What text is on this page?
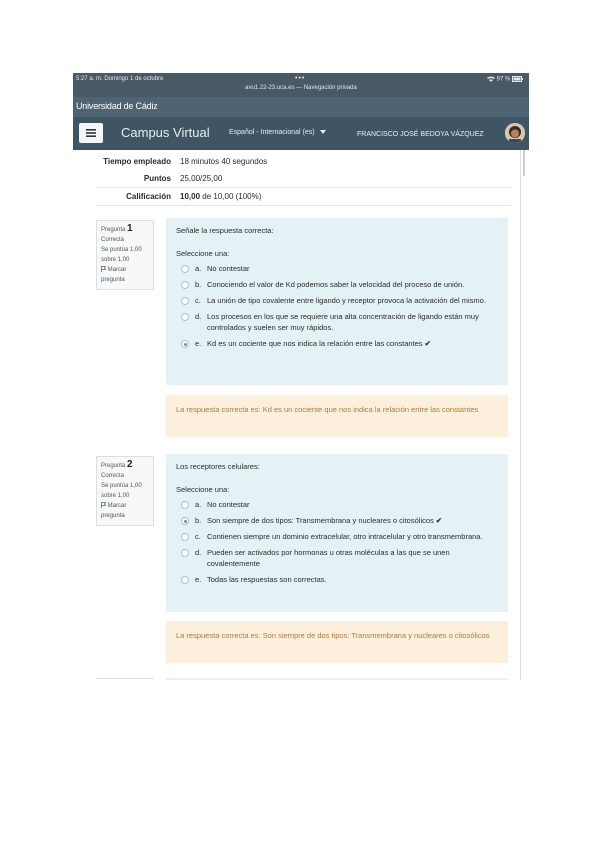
5:27 a. m. Domingo 1 de octubre	•••
avu1.22-23.uca.es — Navegación privada
97 %
Universidad de Cádiz
Campus Virtual	Español - Internacional (es)	FRANCISCO JOSÉ BEDOYA VÁZQUEZ
Tiempo empleado	18 minutos 40 segundos
Puntos	25,00/25,00
Calificación	10,00 de 10,00 (100%)
Pregunta 1
Correcta
Se puntúa 1,00 sobre 1,00
Marcar pregunta
Señale la respuesta correcta:
Seleccione una:
a. No contestar
b. Conociendo el valor de Kd podemos saber la velocidad del proceso de unión.
c. La unión de tipo covalente entre ligando y receptor provoca la activación del mismo.
d. Los procesos en los que se requiere una alta concentración de ligando están muy controlados y suelen ser muy rápidos.
e. Kd es un cociente que nos indica la relación entre las constantes ✔
La respuesta correcta es: Kd es un cociente que nos indica la relación entre las constantes
Pregunta 2
Correcta
Se puntúa 1,00 sobre 1,00
Marcar pregunta
Los receptores celulares:
Seleccione una:
a. No contestar
b. Son siempre de dos tipos: Transmembrana y nucleares o citosólicos ✔
c. Contienen siempre un dominio extracelular, otro intracelular y otro transmembrana.
d. Pueden ser activados por hormonas u otras moléculas a las que se unen covalentemente
e. Todas las respuestas son correctas.
La respuesta correcta es: Son siempre de dos tipos: Transmembrana y nucleares o citosólicos
